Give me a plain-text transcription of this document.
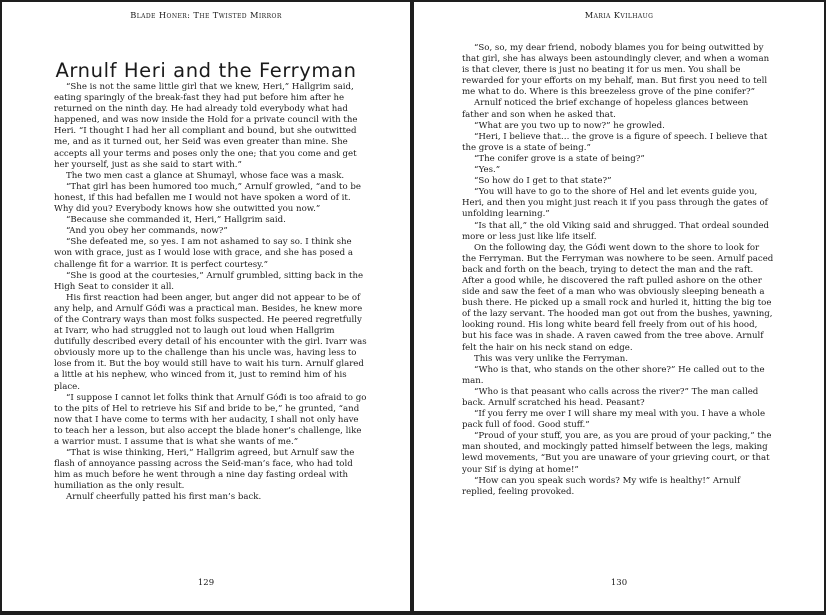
Blade Honer: The Twisted Mirror
Arnulf Heri and the Ferryman

“She is not the same little girl that we knew, Heri,” Hallgrim said, eating sparingly of the break-fast they had put before him after he returned on the ninth day. He had already told everybody what had happened, and was now inside the Hold for a private council with the Heri. “I thought I had her all compliant and bound, but she outwitted me, and as it turned out, her Seiđ was even greater than mine. She accepts all your terms and poses only the one; that you come and get her yourself, just as she said to start with.”

The two men cast a glance at Shumayl, whose face was a mask.

“That girl has been humored too much,” Arnulf growled, “and to be honest, if this had befallen me I would not have spoken a word of it. Why did you? Everybody knows how she outwitted you now.”

“Because she commanded it, Heri,” Hallgrim said.

“And you obey her commands, now?”

“She defeated me, so yes. I am not ashamed to say so. I think she won with grace, just as I would lose with grace, and she has posed a challenge fit for a warrior. It is perfect courtesy.”

“She is good at the courtesies,” Arnulf grumbled, sitting back in the High Seat to consider it all.

His first reaction had been anger, but anger did not appear to be of any help, and Arnulf Góđi was a practical man. Besides, he knew more of the Contrary ways than most folks suspected. He peered regretfully at Ivarr, who had struggled not to laugh out loud when Hallgrim dutifully described every detail of his encounter with the girl. Ivarr was obviously more up to the challenge than his uncle was, having less to lose from it. But the boy would still have to wait his turn. Arnulf glared a little at his nephew, who winced from it, just to remind him of his place.

“I suppose I cannot let folks think that Arnulf Góđi is too afraid to go to the pits of Hel to retrieve his Sif and bride to be,” he grunted, “and now that I have come to terms with her audacity, I shall not only have to teach her a lesson, but also accept the blade honer’s challenge, like a warrior must. I assume that is what she wants of me.”

“That is wise thinking, Heri,” Hallgrim agreed, but Arnulf saw the flash of annoyance passing across the Seiđ-man’s face, who had told him as much before he went through a nine day fasting ordeal with humiliation as the only result.

Arnulf cheerfully patted his first man’s back.

129
Maria Kvilhaug

“So, so, my dear friend, nobody blames you for being outwitted by that girl, she has always been astoundingly clever, and when a woman is that clever, there is just no beating it for us men. You shall be rewarded for your efforts on my behalf, man. But first you need to tell me what to do. Where is this breezeless grove of the pine conifer?”

Arnulf noticed the brief exchange of hopeless glances between father and son when he asked that.

“What are you two up to now?” he growled.

“Heri, I believe that… the grove is a figure of speech. I believe that the grove is a state of being.”

“The conifer grove is a state of being?”

“Yes.”

“So how do I get to that state?”

“You will have to go to the shore of Hel and let events guide you, Heri, and then you might just reach it if you pass through the gates of unfolding learning.”

“Is that all,” the old Viking said and shrugged. That ordeal sounded more or less just like life itself.

On the following day, the Góđi went down to the shore to look for the Ferryman. But the Ferryman was nowhere to be seen. Arnulf paced back and forth on the beach, trying to detect the man and the raft. After a good while, he discovered the raft pulled ashore on the other side and saw the feet of a man who was obviously sleeping beneath a bush there. He picked up a small rock and hurled it, hitting the big toe of the lazy servant. The hooded man got out from the bushes, yawning, looking round. His long white beard fell freely from out of his hood, but his face was in shade. A raven cawed from the tree above. Arnulf felt the hair on his neck stand on edge.

This was very unlike the Ferryman.

“Who is that, who stands on the other shore?” He called out to the man.

“Who is that peasant who calls across the river?” The man called back. Arnulf scratched his head. Peasant?

“If you ferry me over I will share my meal with you. I have a whole pack full of food. Good stuff.”

“Proud of your stuff, you are, as you are proud of your packing,” the man shouted, and mockingly patted himself between the legs, making lewd movements, “But you are unaware of your grieving court, or that your Sif is dying at home!”

“How can you speak such words? My wife is healthy!” Arnulf replied, feeling provoked.

130
